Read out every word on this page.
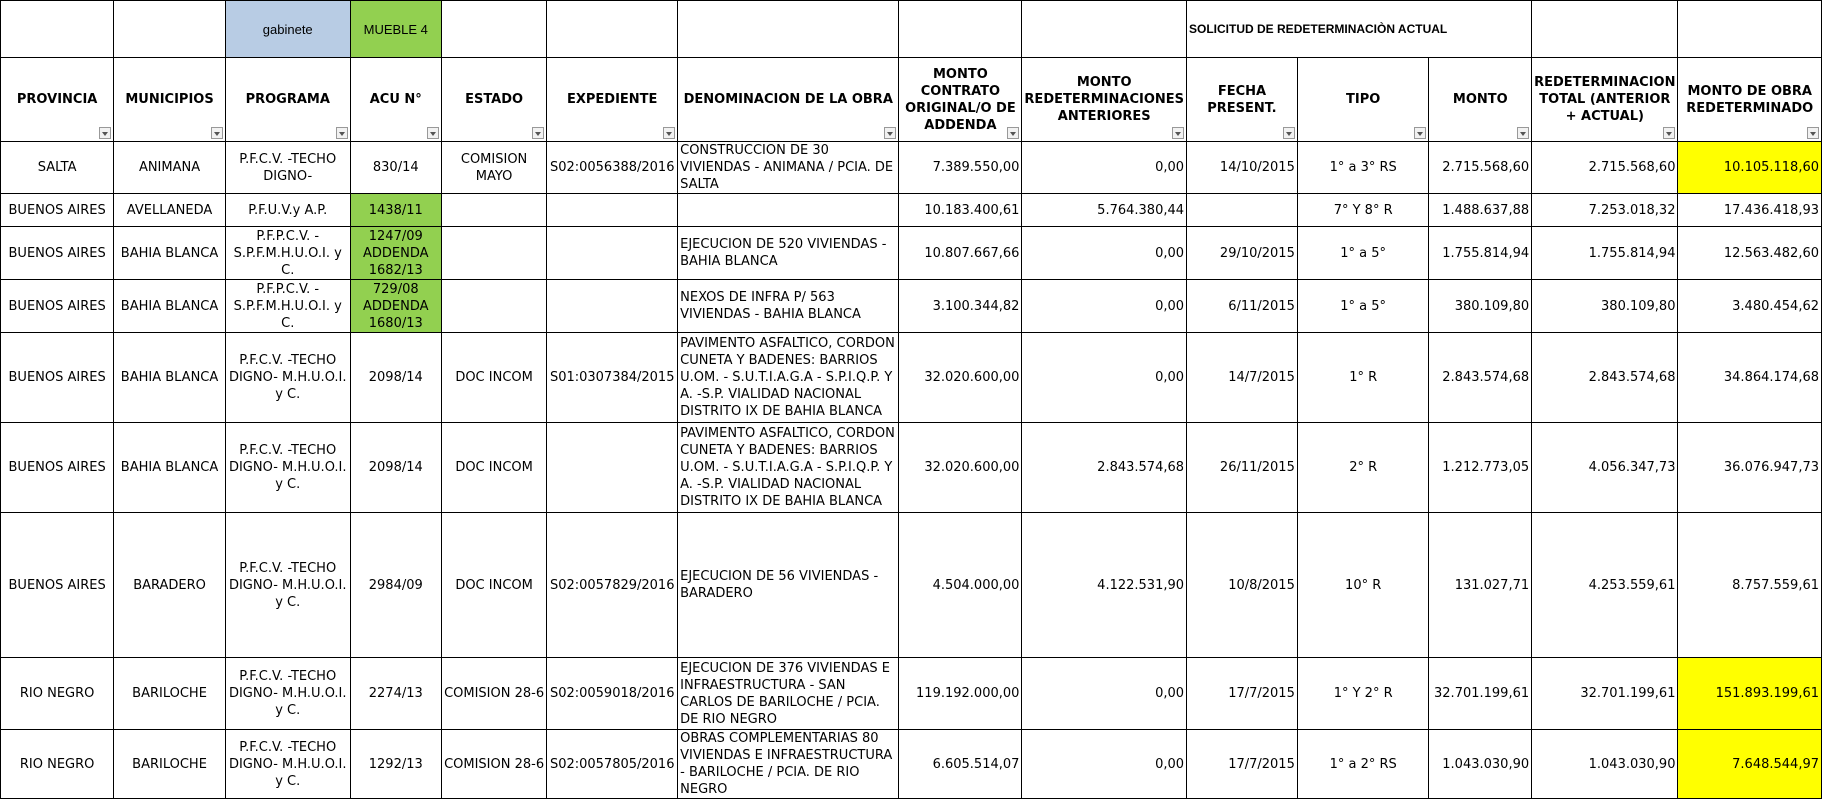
		gabinete	MUEBLE 4						SOLICITUD DE REDETERMINACIÒN ACTUAL				
PROVINCIA	MUNICIPIOS	PROGRAMA	ACU N°	ESTADO	EXPEDIENTE	DENOMINACION DE LA OBRA	MONTO CONTRATO ORIGINAL/O DE ADDENDA	MONTO REDETERMINACIONES ANTERIORES	FECHA PRESENT.	TIPO	MONTO	REDETERMINACION TOTAL (ANTERIOR + ACTUAL)	MONTO DE OBRA REDETERMINADO

SALTA	ANIMANA	P.F.C.V. -TECHO DIGNO-	830/14	COMISION MAYO	S02:0056388/2016	CONSTRUCCION DE 30 VIVIENDAS - ANIMANA / PCIA. DE SALTA	7.389.550,00	0,00	14/10/2015	1° a 3° RS	2.715.568,60	2.715.568,60	10.105.118,60
BUENOS AIRES	AVELLANEDA	P.F.U.V.y A.P.	1438/11				10.183.400,61	5.764.380,44		7° Y 8° R	1.488.637,88	7.253.018,32	17.436.418,93
BUENOS AIRES	BAHIA BLANCA	P.F.P.C.V. - S.P.F.M.H.U.O.I. y C.	1247/09 ADDENDA 1682/13			EJECUCION DE 520 VIVIENDAS - BAHIA BLANCA	10.807.667,66	0,00	29/10/2015	1° a 5°	1.755.814,94	1.755.814,94	12.563.482,60
BUENOS AIRES	BAHIA BLANCA	P.F.P.C.V. - S.P.F.M.H.U.O.I. y C.	729/08 ADDENDA 1680/13			NEXOS DE INFRA P/ 563 VIVIENDAS - BAHIA BLANCA	3.100.344,82	0,00	6/11/2015	1° a 5°	380.109,80	380.109,80	3.480.454,62
BUENOS AIRES	BAHIA BLANCA	P.F.C.V. -TECHO DIGNO- M.H.U.O.I. y C.	2098/14	DOC INCOM	S01:0307384/2015	PAVIMENTO ASFALTICO, CORDON CUNETA Y BADENES: BARRIOS U.OM. - S.U.T.I.A.G.A - S.P.I.Q.P. Y A. -S.P. VIALIDAD NACIONAL DISTRITO IX DE BAHIA BLANCA	32.020.600,00	0,00	14/7/2015	1° R	2.843.574,68	2.843.574,68	34.864.174,68
BUENOS AIRES	BAHIA BLANCA	P.F.C.V. -TECHO DIGNO- M.H.U.O.I. y C.	2098/14	DOC INCOM		PAVIMENTO ASFALTICO, CORDON CUNETA Y BADENES: BARRIOS U.OM. - S.U.T.I.A.G.A - S.P.I.Q.P. Y A. -S.P. VIALIDAD NACIONAL DISTRITO IX DE BAHIA BLANCA	32.020.600,00	2.843.574,68	26/11/2015	2° R	1.212.773,05	4.056.347,73	36.076.947,73
BUENOS AIRES	BARADERO	P.F.C.V. -TECHO DIGNO- M.H.U.O.I. y C.	2984/09	DOC INCOM	S02:0057829/2016	EJECUCION DE 56 VIVIENDAS - BARADERO	4.504.000,00	4.122.531,90	10/8/2015	10° R	131.027,71	4.253.559,61	8.757.559,61
RIO NEGRO	BARILOCHE	P.F.C.V. -TECHO DIGNO- M.H.U.O.I. y C.	2274/13	COMISION 28-6	S02:0059018/2016	EJECUCION DE 376 VIVIENDAS E INFRAESTRUCTURA - SAN CARLOS DE BARILOCHE / PCIA. DE RIO NEGRO	119.192.000,00	0,00	17/7/2015	1° Y 2° R	32.701.199,61	32.701.199,61	151.893.199,61
RIO NEGRO	BARILOCHE	P.F.C.V. -TECHO DIGNO- M.H.U.O.I. y C.	1292/13	COMISION 28-6	S02:0057805/2016	OBRAS COMPLEMENTARIAS 80 VIVIENDAS E INFRAESTRUCTURA - BARILOCHE / PCIA. DE RIO NEGRO	6.605.514,07	0,00	17/7/2015	1° a 2° RS	1.043.030,90	1.043.030,90	7.648.544,97
